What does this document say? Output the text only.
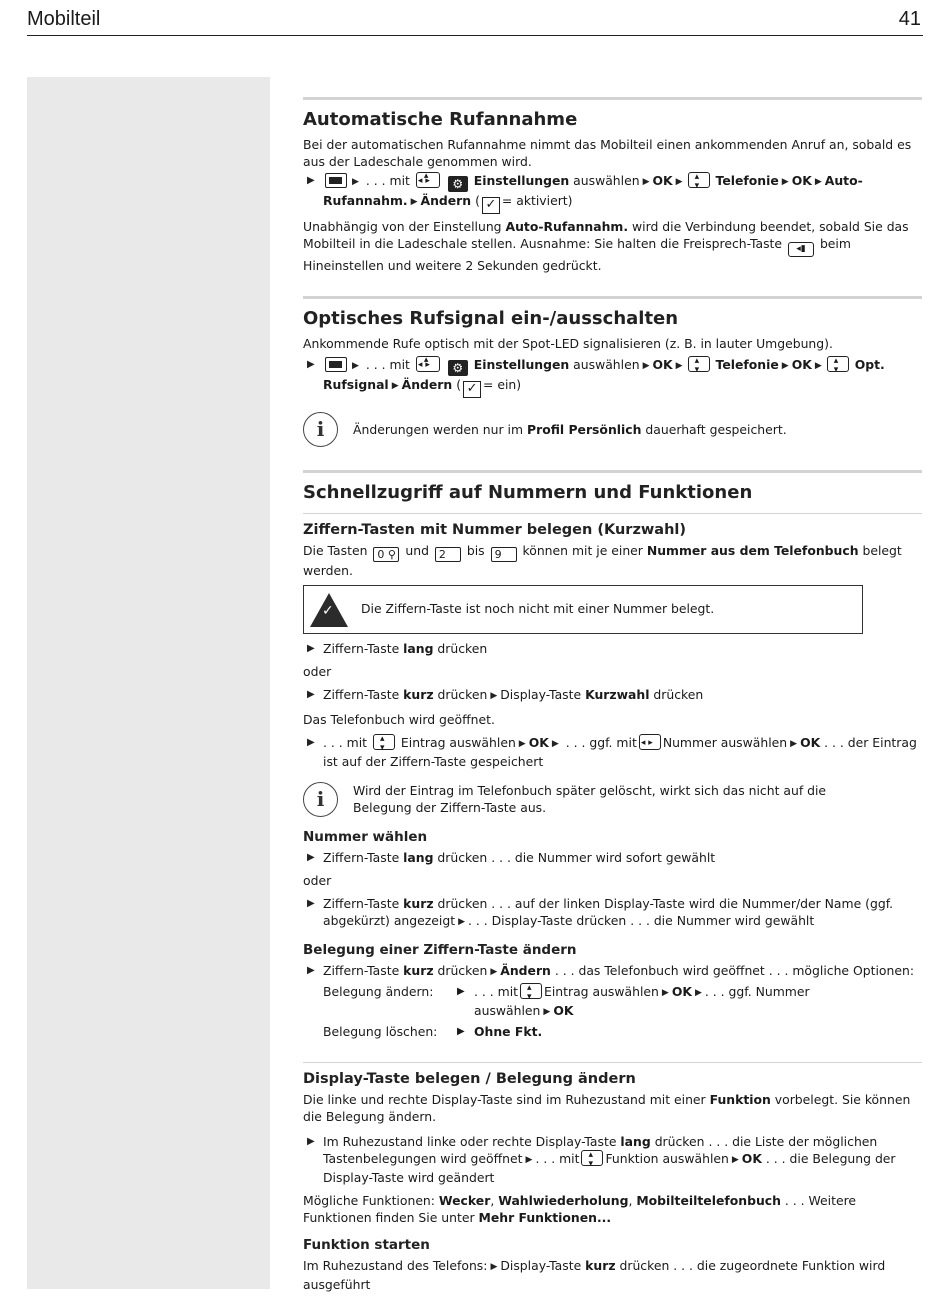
Mobilteil	41
Automatische Rufannahme

Bei der automatischen Rufannahme nimmt das Mobilteil einen ankommenden Anruf an, sobald es aus der Ladeschale genommen wird.

▶	▶ . . . mit ▴ ◂▸	⚙ Einstellungen auswählen ▶ OK ▶ ▴ ▾	Telefonie ▶ OK ▶ Auto-
Rufannahm. ▶ Ändern ( ✓ = aktiviert)

Unabhängig von der Einstellung Auto-Rufannahm. wird die Verbindung beendet, sobald Sie das Mobilteil in die Ladeschale stellen. Ausnahme: Sie halten die Freisprech-Taste ◂▮ beim Hineinstellen und weitere 2 Sekunden gedrückt.

Optisches Rufsignal ein-/ausschalten

Ankommende Rufe optisch mit der Spot-LED signalisieren (z. B. in lauter Umgebung).

▶	▶ . . . mit ▴ ◂▸	⚙ Einstellungen auswählen ▶ OK ▶ ▴ ▾	Telefonie ▶ OK ▶ ▴ ▾	Opt.
Rufsignal ▶ Ändern ( ✓ = ein)
i	Änderungen werden nur im Profil Persönlich dauerhaft gespeichert.

Schnellzugriff auf Nummern und Funktionen
Ziffern-Tasten mit Nummer belegen (Kurzwahl)

Die Tasten 0 ⚲ und 2 bis 9 können mit je einer Nummer aus dem Telefonbuch belegt werden.

✓ Die Ziffern-Taste ist noch nicht mit einer Nummer belegt.
▶ Ziffern-Taste lang drücken

oder

▶ Ziffern-Taste kurz drücken ▶ Display-Taste Kurzwahl drücken

Das Telefonbuch wird geöffnet.

▶ . . . mit ▴ ▾	Eintrag auswählen ▶ OK ▶ . . . ggf. mit ◂ ▸ Nummer auswählen ▶ OK . . . der Eintrag ist auf der Ziffern-Taste gespeichert
i	Wird der Eintrag im Telefonbuch später gelöscht, wirkt sich das nicht auf die Belegung der Ziffern-Taste aus.

Nummer wählen
▶ Ziffern-Taste lang drücken . . . die Nummer wird sofort gewählt

oder

▶ Ziffern-Taste kurz drücken . . . auf der linken Display-Taste wird die Nummer/der Name (ggf. abgekürzt) angezeigt ▶ . . . Display-Taste drücken . . . die Nummer wird gewählt
Belegung einer Ziffern-Taste ändern
▶ Ziffern-Taste kurz drücken ▶ Ändern . . . das Telefonbuch wird geöffnet . . . mögliche Optionen:
Belegung ändern:	▶ . . . mit ▴ ▾ Eintrag auswählen ▶ OK ▶ . . . ggf. Nummer auswählen ▶ OK
Belegung löschen:	▶ Ohne Fkt.
Display-Taste belegen / Belegung ändern

Die linke und rechte Display-Taste sind im Ruhezustand mit einer Funktion vorbelegt. Sie können die Belegung ändern.

▶ Im Ruhezustand linke oder rechte Display-Taste lang drücken . . . die Liste der möglichen Tastenbelegungen wird geöffnet ▶ . . . mit ▴ ▾ Funktion auswählen ▶ OK . . . die Belegung der Display-Taste wird geändert

Mögliche Funktionen: Wecker, Wahlwiederholung, Mobilteiltelefonbuch . . . Weitere Funktionen finden Sie unter Mehr Funktionen...

Funktion starten

Im Ruhezustand des Telefons: ▶ Display-Taste kurz drücken . . . die zugeordnete Funktion wird ausgeführt
